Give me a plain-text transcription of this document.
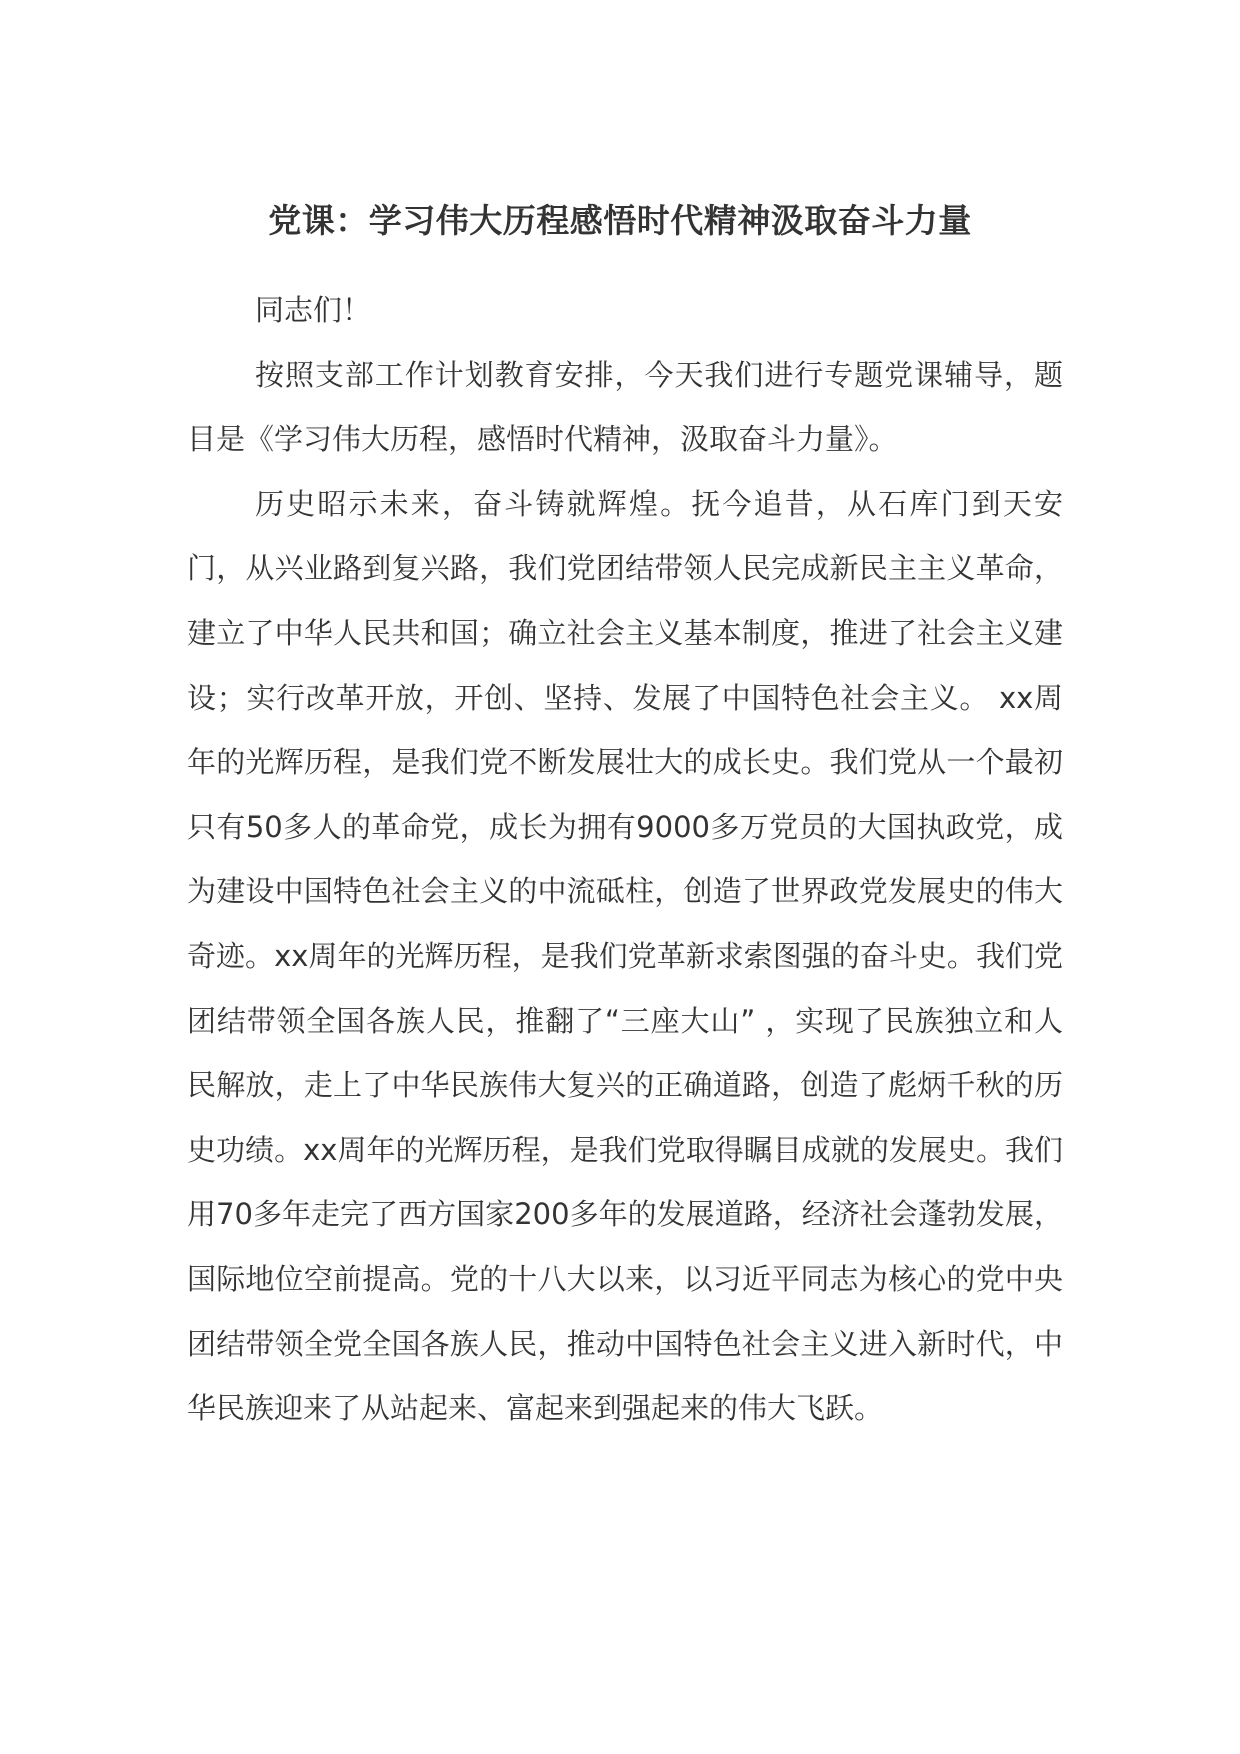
党课：学习伟大历程感悟时代精神汲取奋斗力量

同志们！

按照支部工作计划教育安排，今天我们进行专题党课辅导，题目是《学习伟大历程，感悟时代精神，汲取奋斗力量》。

历史昭示未来，奋斗铸就辉煌。抚今追昔，从石库门到天安门，从兴业路到复兴路，我们党团结带领人民完成新民主主义革命，建立了中华人民共和国；确立社会主义基本制度，推进了社会主义建设；实行改革开放，开创、坚持、发展了中国特色社会主义。 xx周年的光辉历程，是我们党不断发展壮大的成长史。我们党从一个最初只有50多人的革命党，成长为拥有9000多万党员的大国执政党，成为建设中国特色社会主义的中流砥柱，创造了世界政党发展史的伟大奇迹。xx周年的光辉历程，是我们党革新求索图强的奋斗史。我们党团结带领全国各族人民，推翻了“三座大山” ，实现了民族独立和人民解放，走上了中华民族伟大复兴的正确道路，创造了彪炳千秋的历史功绩。xx周年的光辉历程，是我们党取得瞩目成就的发展史。我们用70多年走完了西方国家200多年的发展道路，经济社会蓬勃发展，国际地位空前提高。党的十八大以来，以习近平同志为核心的党中央团结带领全党全国各族人民，推动中国特色社会主义进入新时代，中华民族迎来了从站起来、富起来到强起来的伟大飞跃。
